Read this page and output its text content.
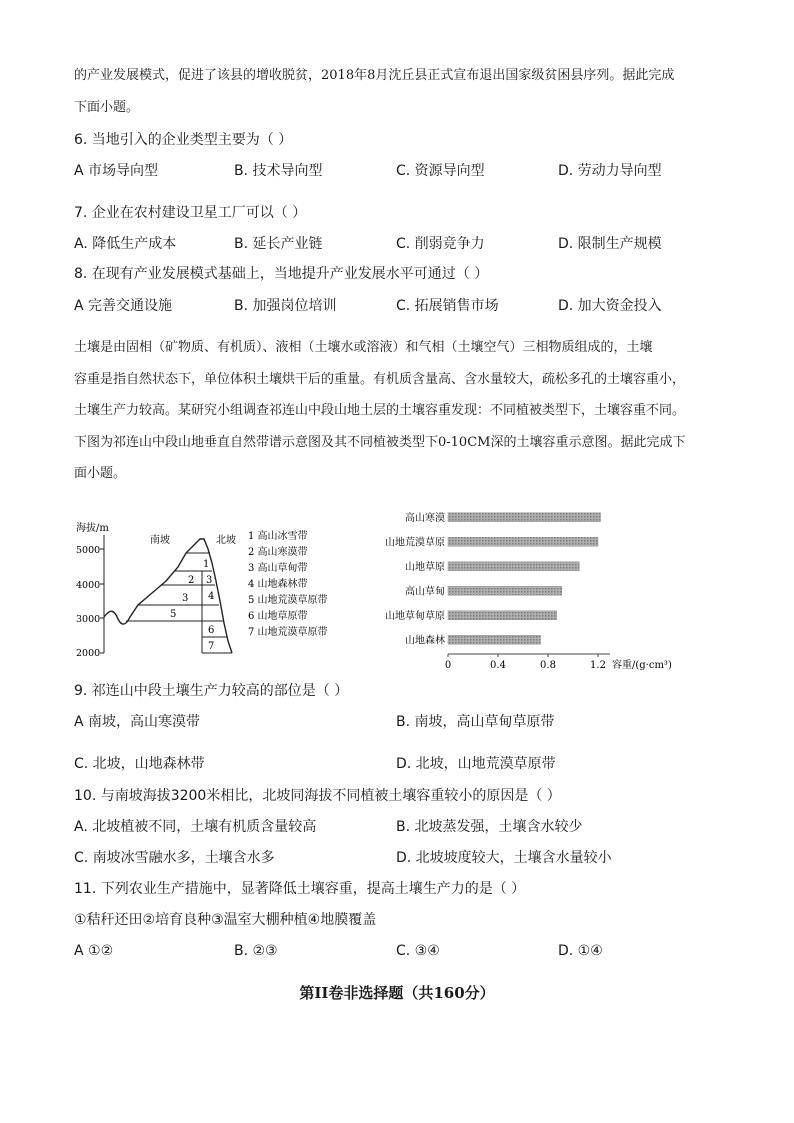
的产业发展模式，促进了该县的增收脱贫，2018年8月沈丘县正式宣布退出国家级贫困县序列。据此完成
下面小题。
6. 当地引入的企业类型主要为（ ）
A 市场导向型	B. 技术导向型	C. 资源导向型	D. 劳动力导向型
7. 企业在农村建设卫星工厂可以（ ）
A. 降低生产成本	B. 延长产业链	C. 削弱竞争力	D. 限制生产规模
8. 在现有产业发展模式基础上，当地提升产业发展水平可通过（ ）
A 完善交通设施	B. 加强岗位培训	C. 拓展销售市场	D. 加大资金投入

土壤是由固相（矿物质、有机质）、液相（土壤水或溶液）和气相（土壤空气）三相物质组成的，土壤

容重是指自然状态下，单位体积土壤烘干后的重量。有机质含量高、含水量较大，疏松多孔的土壤容重小，

土壤生产力较高。某研究小组调查祁连山中段山地土层的土壤容重发现：不同植被类型下，土壤容重不同。

下图为祁连山中段山地垂直自然带谱示意图及其不同植被类型下0-10CM深的土壤容重示意图。据此完成下

面小题。

海拔/m
5000
4000
3000
2000
南坡	北坡
1
2 3
3 4
5
6
7
1 高山冰雪带
2 高山寒漠带
3 高山草甸带
4 山地森林带
5 山地荒漠草原带
6 山地草原带
7 山地荒漠草原带
高山寒漠
山地荒漠草原
山地草原
高山草甸
山地草甸草原
山地森林
0	0.4	0.8	1.2 容重/(g·cm³)
9. 祁连山中段土壤生产力较高的部位是（ ）
A 南坡，高山寒漠带	B. 南坡，高山草甸草原带
C. 北坡，山地森林带	D. 北坡，山地荒漠草原带
10. 与南坡海拔3200米相比，北坡同海拔不同植被土壤容重较小的原因是（ ）
A. 北坡植被不同，土壤有机质含量较高	B. 北坡蒸发强，土壤含水较少
C. 南坡冰雪融水多，土壤含水多	D. 北坡坡度较大，土壤含水量较小
11. 下列农业生产措施中，显著降低土壤容重，提高土壤生产力的是（ ）
①秸秆还田②培育良种③温室大棚种植④地膜覆盖
A ①②	B. ②③	C. ③④	D. ①④
第II卷非选择题（共160分）
